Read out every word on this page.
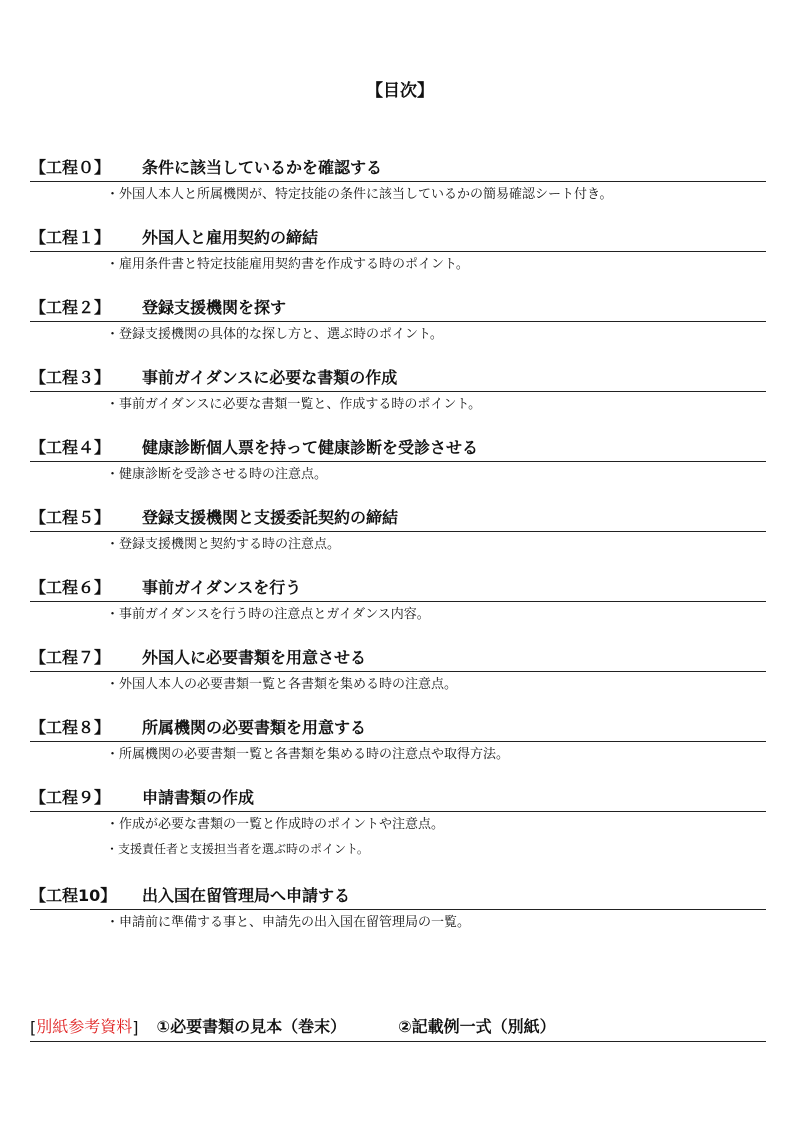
【目次】
【工程０】	条件に該当しているかを確認する
・外国人本人と所属機関が、特定技能の条件に該当しているかの簡易確認シート付き。
【工程１】	外国人と雇用契約の締結
・雇用条件書と特定技能雇用契約書を作成する時のポイント。
【工程２】	登録支援機関を探す
・登録支援機関の具体的な探し方と、選ぶ時のポイント。
【工程３】	事前ガイダンスに必要な書類の作成
・事前ガイダンスに必要な書類一覧と、作成する時のポイント。
【工程４】	健康診断個人票を持って健康診断を受診させる
・健康診断を受診させる時の注意点。
【工程５】	登録支援機関と支援委託契約の締結
・登録支援機関と契約する時の注意点。
【工程６】	事前ガイダンスを行う
・事前ガイダンスを行う時の注意点とガイダンス内容。
【工程７】	外国人に必要書類を用意させる
・外国人本人の必要書類一覧と各書類を集める時の注意点。
【工程８】	所属機関の必要書類を用意する
・所属機関の必要書類一覧と各書類を集める時の注意点や取得方法。
【工程９】	申請書類の作成
・作成が必要な書類の一覧と作成時のポイントや注意点。
・支援責任者と支援担当者を選ぶ時のポイント。
【工程10】	出入国在留管理局へ申請する
・申請前に準備する事と、申請先の出入国在留管理局の一覧。
[ 別紙参考資料 ] ①必要書類の見本（巻末）	②記載例一式（別紙）
